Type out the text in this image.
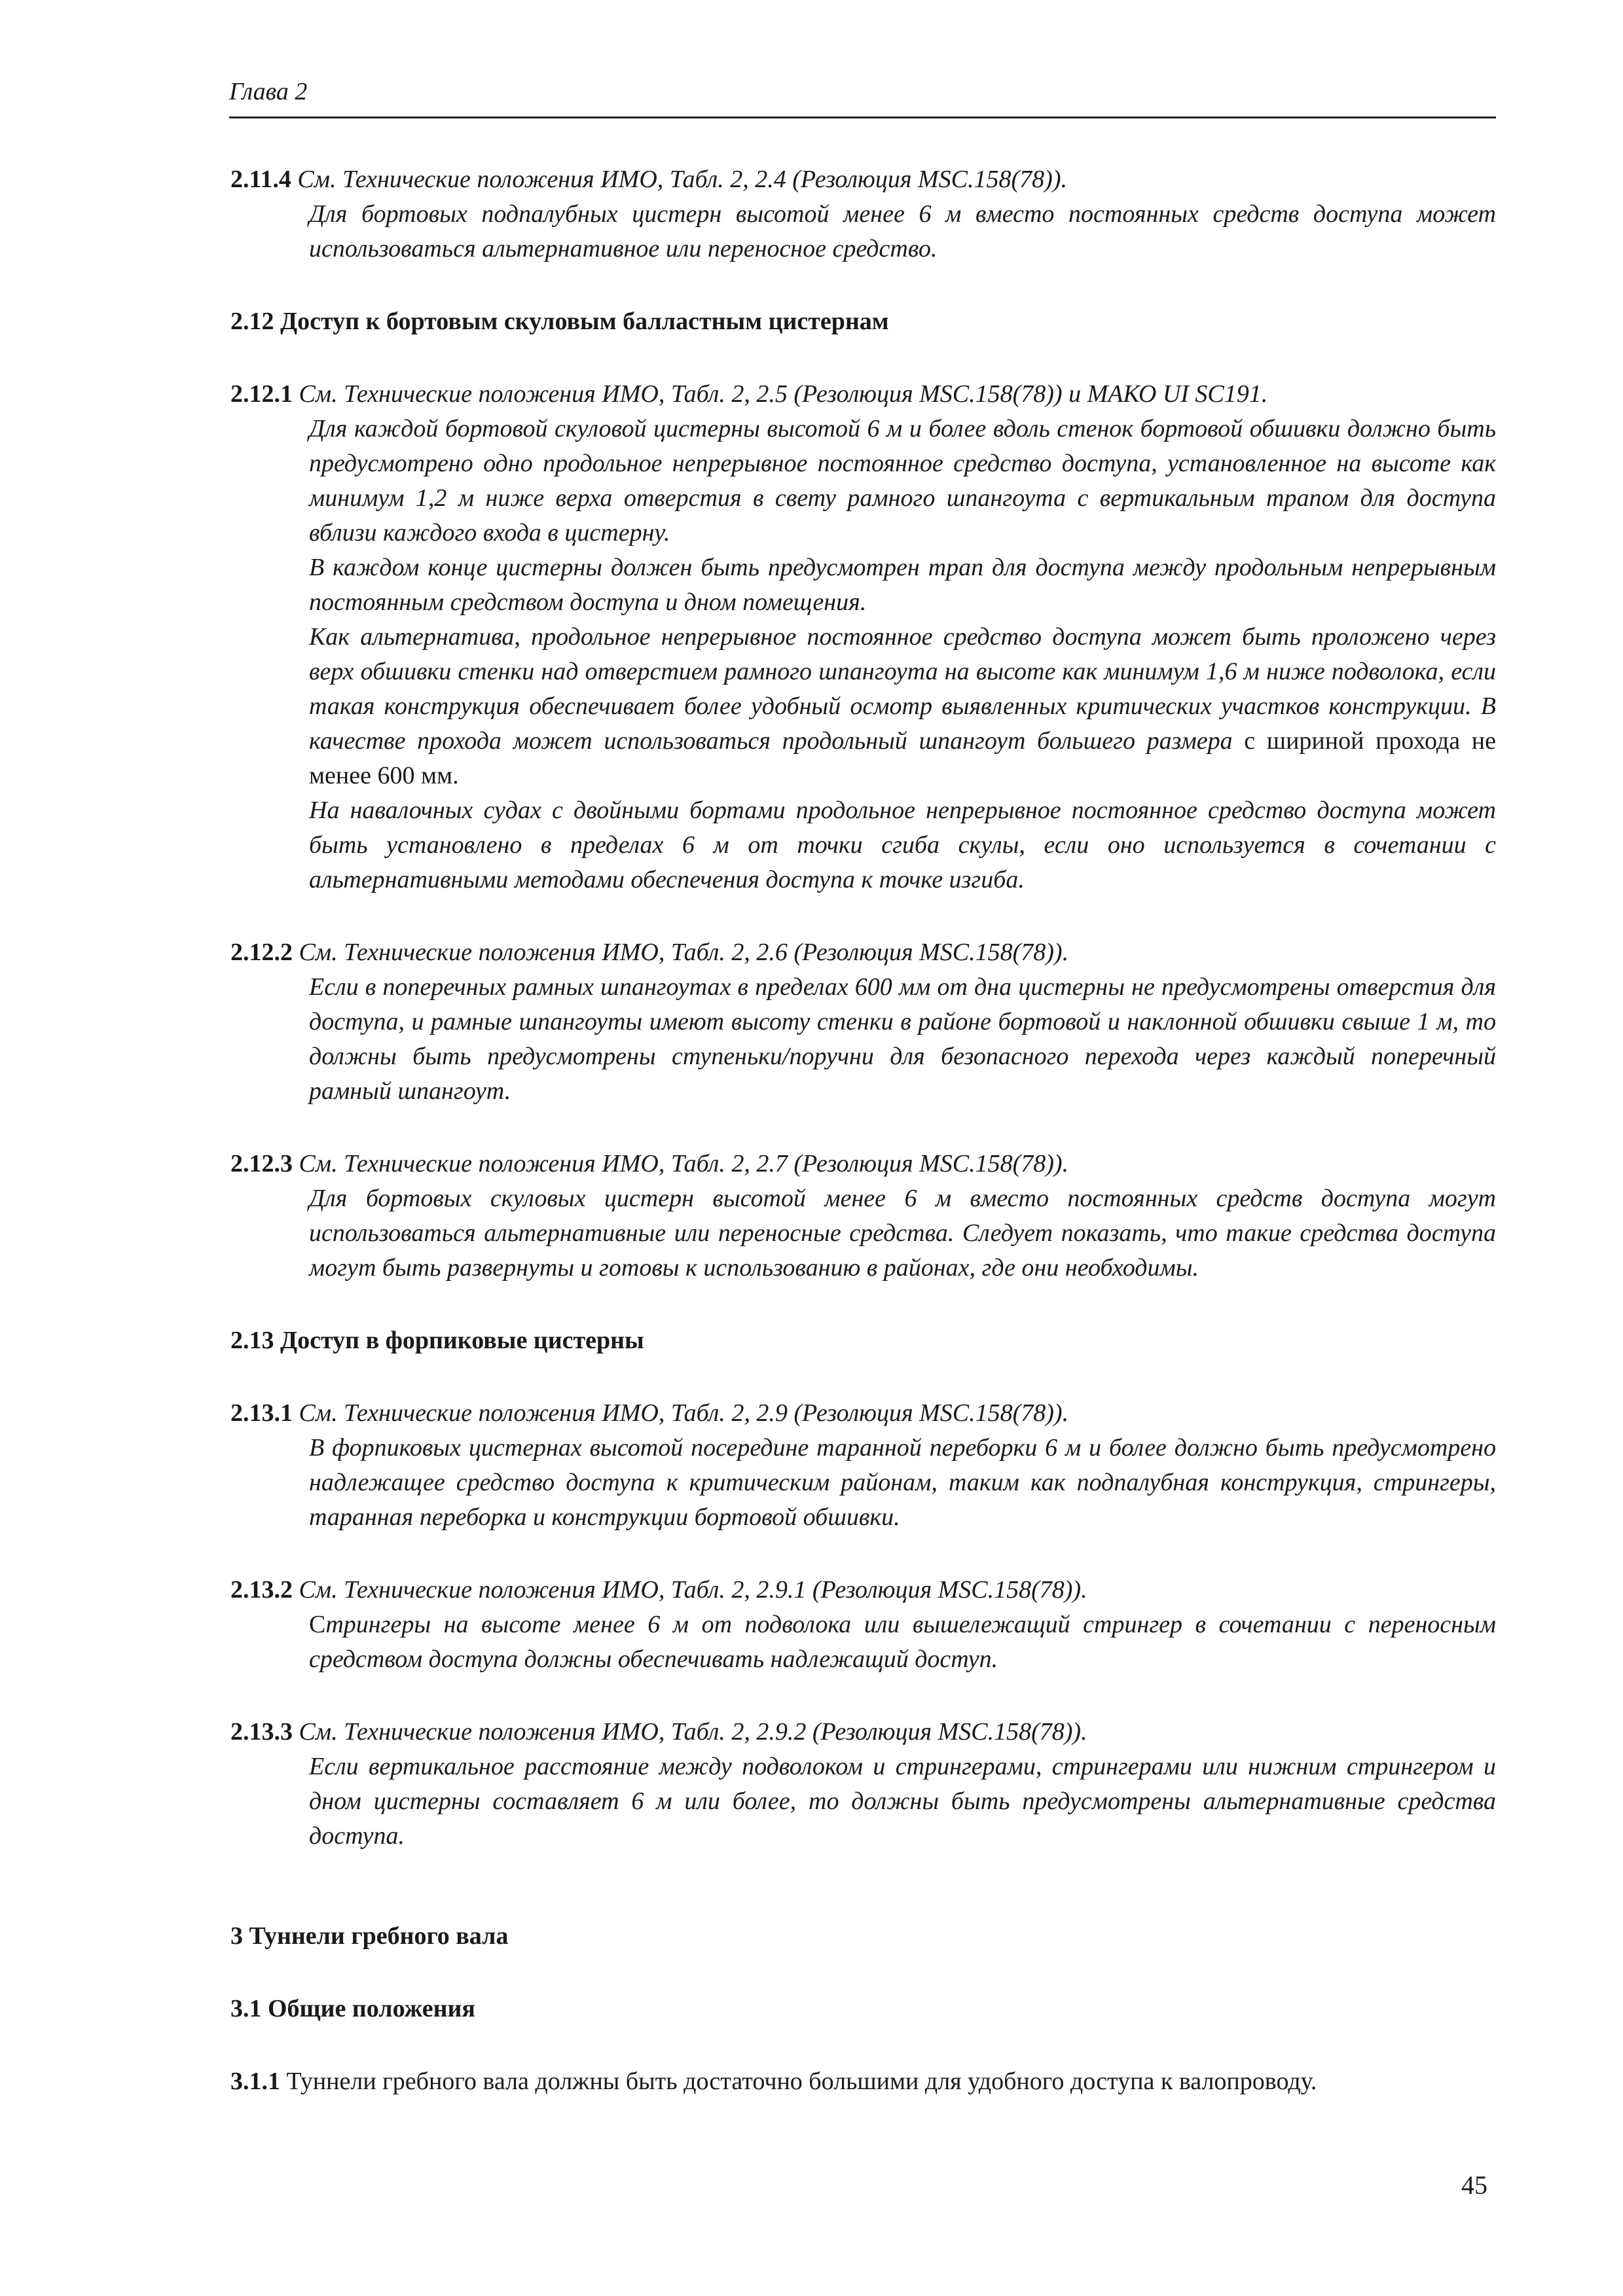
Глава 2
2.11.4 См. Технические положения ИМО, Табл. 2, 2.4 (Резолюция MSC.158(78)).
Для бортовых подпалубных цистерн высотой менее 6 м вместо постоянных средств доступа может использоваться альтернативное или переносное средство.
2.12 Доступ к бортовым скуловым балластным цистернам
2.12.1 См. Технические положения ИМО, Табл. 2, 2.5 (Резолюция MSC.158(78)) и МАКО UI SC191.
Для каждой бортовой скуловой цистерны высотой 6 м и более вдоль стенок бортовой обшивки должно быть предусмотрено одно продольное непрерывное постоянное средство доступа, установленное на высоте как минимум 1,2 м ниже верха отверстия в свету рамного шпангоута с вертикальным трапом для доступа вблизи каждого входа в цистерну.
В каждом конце цистерны должен быть предусмотрен трап для доступа между продольным непрерывным постоянным средством доступа и дном помещения.
Как альтернатива, продольное непрерывное постоянное средство доступа может быть проложено через верх обшивки стенки над отверстием рамного шпангоута на высоте как минимум 1,6 м ниже подволока, если такая конструкция обеспечивает более удобный осмотр выявленных критических участков конструкции. В качестве прохода может использоваться продольный шпангоут большего размера с шириной прохода не менее 600 мм.
На навалочных судах с двойными бортами продольное непрерывное постоянное средство доступа может быть установлено в пределах 6 м от точки сгиба скулы, если оно используется в сочетании с альтернативными методами обеспечения доступа к точке изгиба.
2.12.2 См. Технические положения ИМО, Табл. 2, 2.6 (Резолюция MSC.158(78)).
Если в поперечных рамных шпангоутах в пределах 600 мм от дна цистерны не предусмотрены отверстия для доступа, и рамные шпангоуты имеют высоту стенки в районе бортовой и наклонной обшивки свыше 1 м, то должны быть предусмотрены ступеньки/поручни для безопасного перехода через каждый поперечный рамный шпангоут.
2.12.3 См. Технические положения ИМО, Табл. 2, 2.7 (Резолюция MSC.158(78)).
Для бортовых скуловых цистерн высотой менее 6 м вместо постоянных средств доступа могут использоваться альтернативные или переносные средства. Следует показать, что такие средства доступа могут быть развернуты и готовы к использованию в районах, где они необходимы.
2.13 Доступ в форпиковые цистерны
2.13.1 См. Технические положения ИМО, Табл. 2, 2.9 (Резолюция MSC.158(78)).
В форпиковых цистернах высотой посередине таранной переборки 6 м и более должно быть предусмотрено надлежащее средство доступа к критическим районам, таким как подпалубная конструкция, стрингеры, таранная переборка и конструкции бортовой обшивки.
2.13.2 См. Технические положения ИМО, Табл. 2, 2.9.1 (Резолюция MSC.158(78)).
Стрингеры на высоте менее 6 м от подволока или вышележащий стрингер в сочетании с переносным средством доступа должны обеспечивать надлежащий доступ.
2.13.3 См. Технические положения ИМО, Табл. 2, 2.9.2 (Резолюция MSC.158(78)).
Если вертикальное расстояние между подволоком и стрингерами, стрингерами или нижним стрингером и дном цистерны составляет 6 м или более, то должны быть предусмотрены альтернативные средства доступа.
3 Туннели гребного вала
3.1 Общие положения
3.1.1 Туннели гребного вала должны быть достаточно большими для удобного доступа к валопроводу.
45
